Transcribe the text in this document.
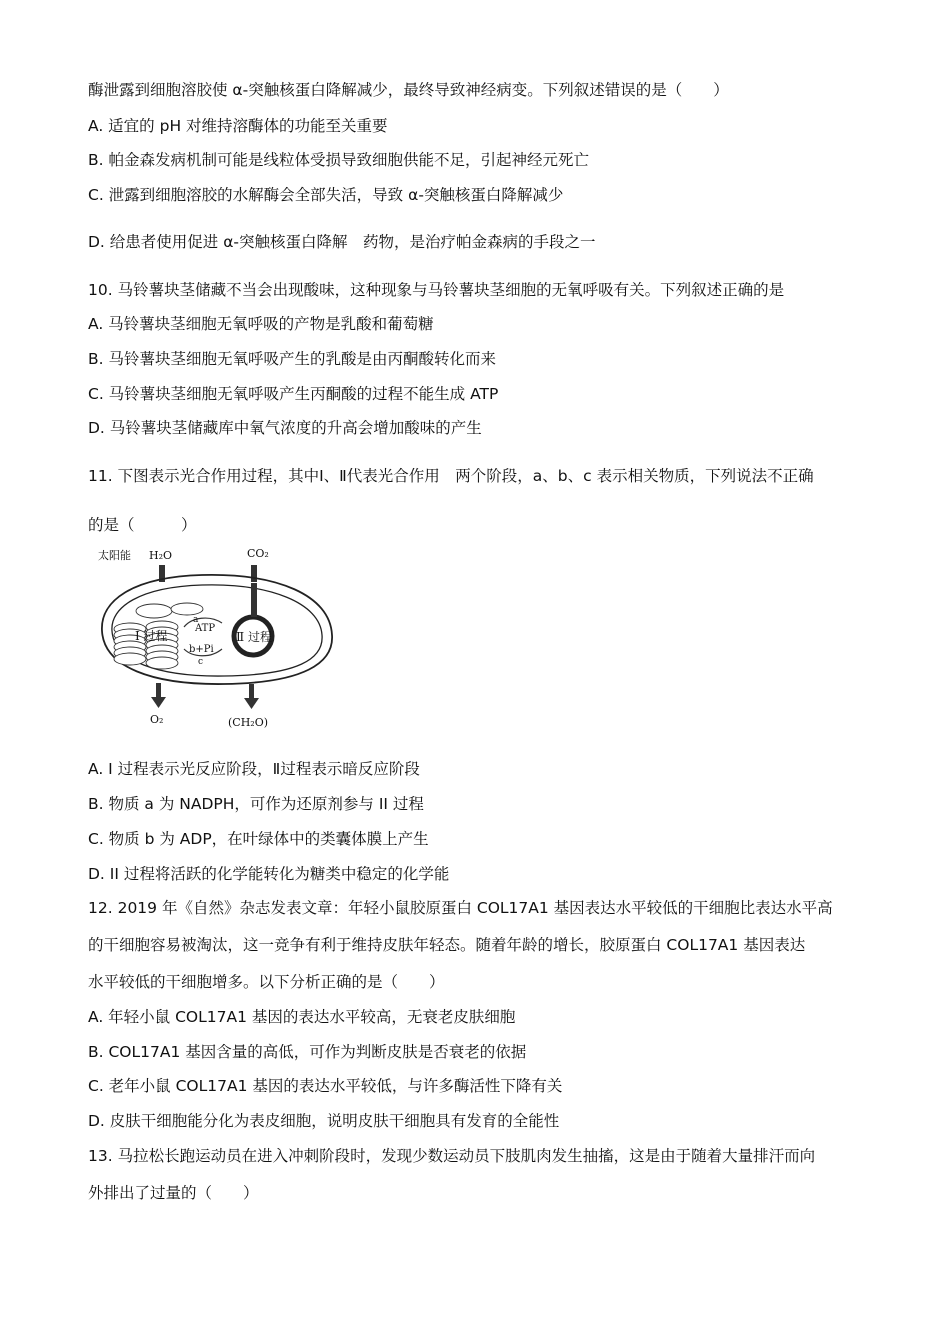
酶泄露到细胞溶胶使 α-突触核蛋白降解减少，最终导致神经病变。下列叙述错误的是（　　）
A. 适宜的 pH 对维持溶酶体的功能至关重要
B. 帕金森发病机制可能是线粒体受损导致细胞供能不足，引起神经元死亡
C. 泄露到细胞溶胶的水解酶会全部失活，导致 α-突触核蛋白降解减少
D. 给患者使用促进 α-突触核蛋白降解　药物，是治疗帕金森病的手段之一
10. 马铃薯块茎储藏不当会出现酸味，这种现象与马铃薯块茎细胞的无氧呼吸有关。下列叙述正确的是
A. 马铃薯块茎细胞无氧呼吸的产物是乳酸和葡萄糖
B. 马铃薯块茎细胞无氧呼吸产生的乳酸是由丙酮酸转化而来
C. 马铃薯块茎细胞无氧呼吸产生丙酮酸的过程不能生成 ATP
D. 马铃薯块茎储藏库中氧气浓度的升高会增加酸味的产生
11. 下图表示光合作用过程，其中Ⅰ、Ⅱ代表光合作用　两个阶段，a、b、c 表示相关物质，下列说法不正确
的是（　　　）
太阳能 H₂O	CO₂
Ⅰ 过程
ATP
a
b+Pi
c
Ⅱ 过程
O₂	(CH₂O)
A. I 过程表示光反应阶段，Ⅱ过程表示暗反应阶段
B. 物质 a 为 NADPH，可作为还原剂参与 II 过程
C. 物质 b 为 ADP，在叶绿体中的类囊体膜上产生
D. II 过程将活跃的化学能转化为糖类中稳定的化学能
12. 2019 年《自然》杂志发表文章：年轻小鼠胶原蛋白 COL17A1 基因表达水平较低的干细胞比表达水平高
的干细胞容易被淘汰，这一竞争有利于维持皮肤年轻态。随着年龄的增长，胶原蛋白 COL17A1 基因表达
水平较低的干细胞增多。以下分析正确的是（　　）
A. 年轻小鼠 COL17A1 基因的表达水平较高，无衰老皮肤细胞
B. COL17A1 基因含量的高低，可作为判断皮肤是否衰老的依据
C. 老年小鼠 COL17A1 基因的表达水平较低，与许多酶活性下降有关
D. 皮肤干细胞能分化为表皮细胞，说明皮肤干细胞具有发育的全能性
13. 马拉松长跑运动员在进入冲刺阶段时，发现少数运动员下肢肌肉发生抽搐，这是由于随着大量排汗而向
外排出了过量的（　　）
